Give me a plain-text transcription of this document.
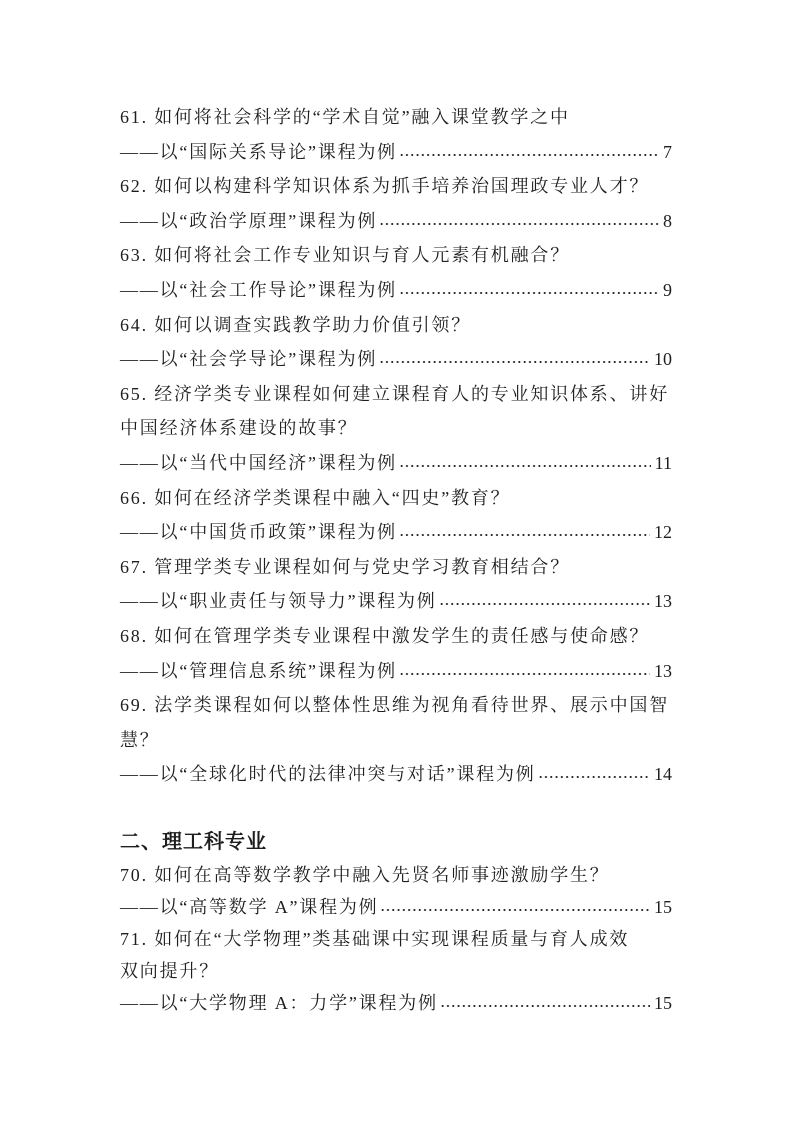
61. 如何将社会科学的“学术自觉”融入课堂教学之中
——以“国际关系导论”课程为例	7
62. 如何以构建科学知识体系为抓手培养治国理政专业人才？
——以“政治学原理”课程为例	8
63. 如何将社会工作专业知识与育人元素有机融合？
——以“社会工作导论”课程为例	9
64. 如何以调查实践教学助力价值引领？
——以“社会学导论”课程为例	10
65. 经济学类专业课程如何建立课程育人的专业知识体系、讲好
中国经济体系建设的故事？
——以“当代中国经济”课程为例	11
66. 如何在经济学类课程中融入“四史”教育？
——以“中国货币政策”课程为例	12
67. 管理学类专业课程如何与党史学习教育相结合？
——以“职业责任与领导力”课程为例	13
68. 如何在管理学类专业课程中激发学生的责任感与使命感？
——以“管理信息系统”课程为例	13
69. 法学类课程如何以整体性思维为视角看待世界、展示中国智
慧？
——以“全球化时代的法律冲突与对话”课程为例	14
二、理工科专业
70. 如何在高等数学教学中融入先贤名师事迹激励学生？
——以“高等数学 A”课程为例	15
71. 如何在“大学物理”类基础课中实现课程质量与育人成效
双向提升？
——以“大学物理 A：力学”课程为例	15
